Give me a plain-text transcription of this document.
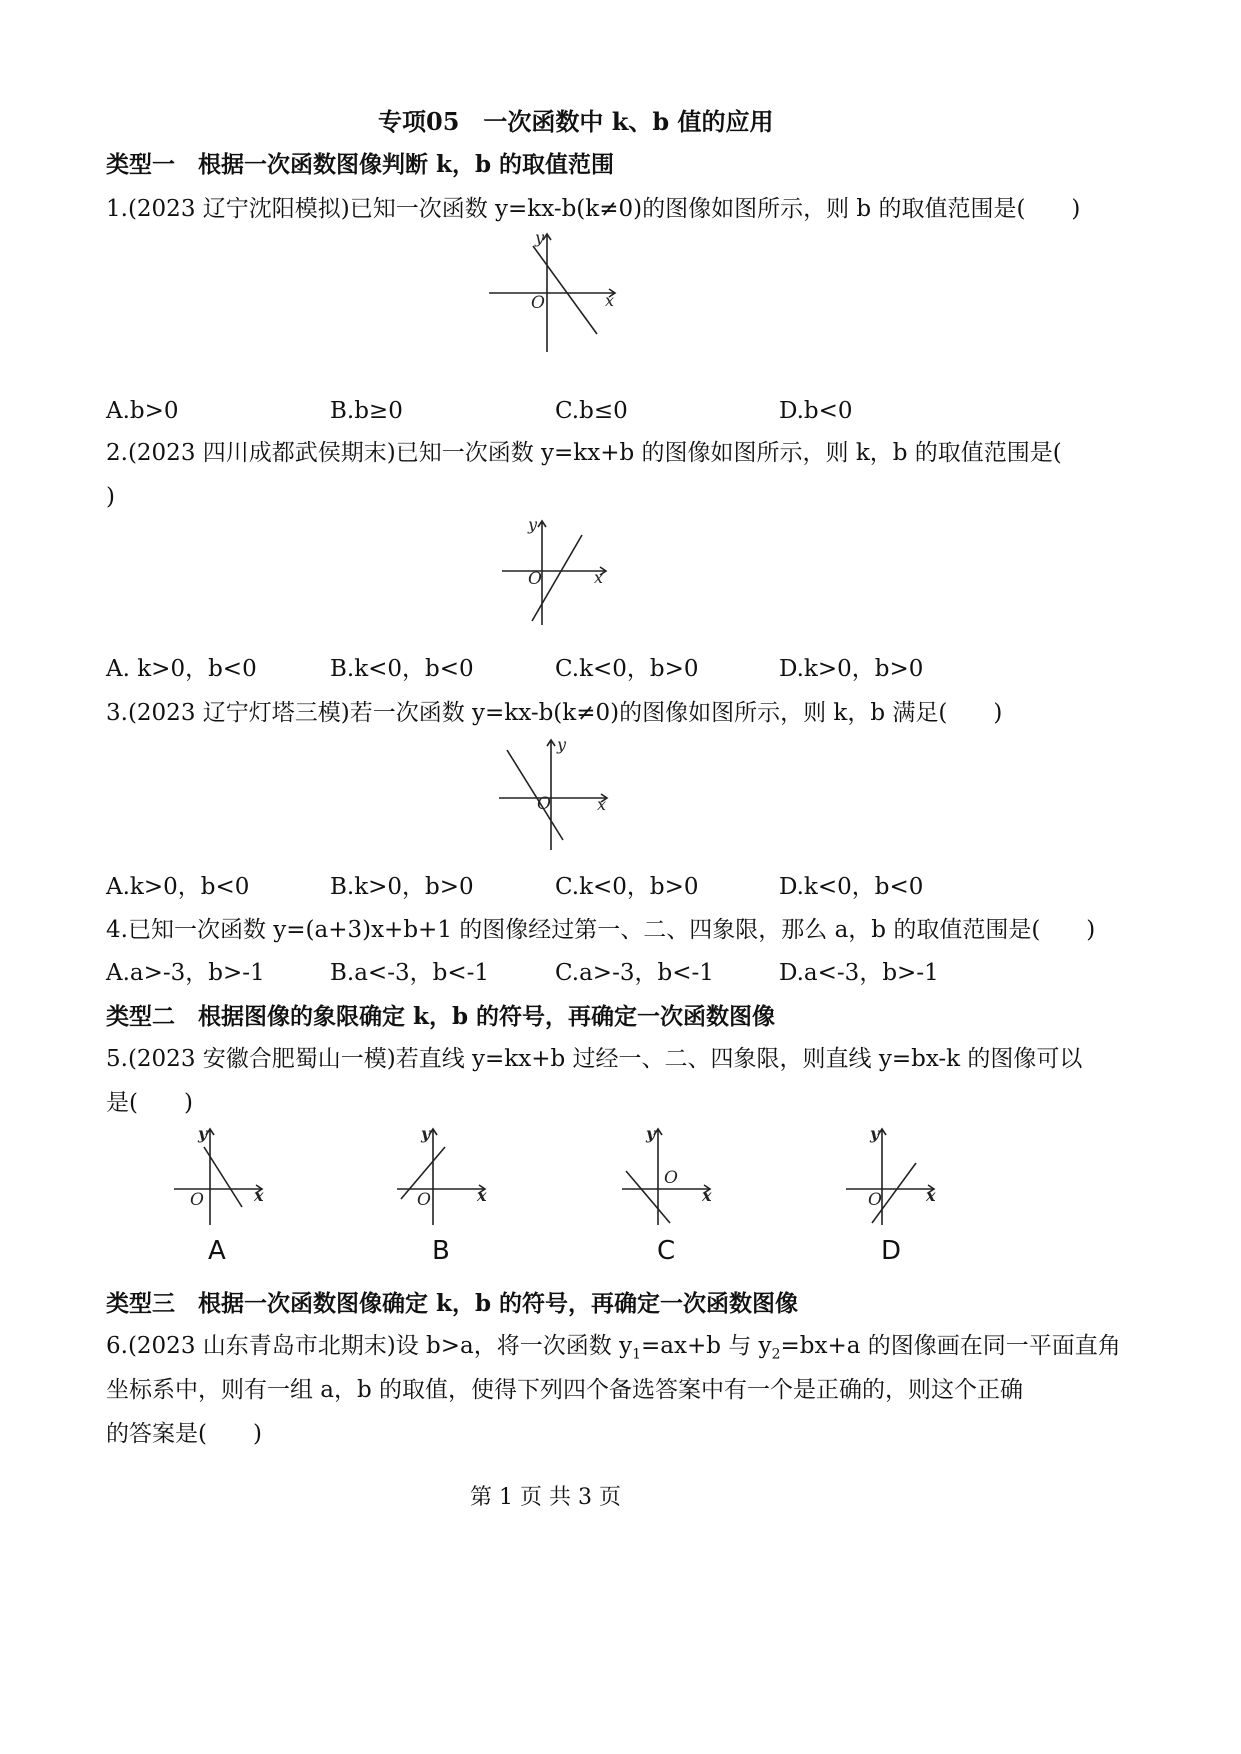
专项05　一次函数中 k、b 值的应用
类型一　根据一次函数图像判断 k，b 的取值范围
1.(2023 辽宁沈阳模拟)已知一次函数 y=kx-b(k≠0)的图像如图所示，则 b 的取值范围是(　　)
y
x
O
A.b>0	B.b≥0	C.b≤0	D.b<0
2.(2023 四川成都武侯期末)已知一次函数 y=kx+b 的图像如图所示，则 k，b 的取值范围是(
)
y
x
O
A. k>0，b<0	B.k<0，b<0	C.k<0，b>0	D.k>0，b>0
3.(2023 辽宁灯塔三模)若一次函数 y=kx-b(k≠0)的图像如图所示，则 k，b 满足(　　)
y
x
O
A.k>0，b<0	B.k>0，b>0	C.k<0，b>0	D.k<0，b<0
4.已知一次函数 y=(a+3)x+b+1 的图像经过第一、二、四象限，那么 a，b 的取值范围是(　　)
A.a>-3，b>-1	B.a<-3，b<-1	C.a>-3，b<-1	D.a<-3，b>-1
类型二　根据图像的象限确定 k，b 的符号，再确定一次函数图像
5.(2023 安徽合肥蜀山一模)若直线 y=kx+b 过经一、二、四象限，则直线 y=bx-k 的图像可以
是(　　)
y
x
O
A
y
x
O
B
y
x
O
C
y
x
O
D
类型三　根据一次函数图像确定 k，b 的符号，再确定一次函数图像
6.(2023 山东青岛市北期末)设 b>a，将一次函数 $y_1=ax+b$ 与 $y_2=bx+a$ 的图像画在同一平面直角
坐标系中，则有一组 a，b 的取值，使得下列四个备选答案中有一个是正确的，则这个正确
的答案是(　　)
第 1 页 共 3 页
